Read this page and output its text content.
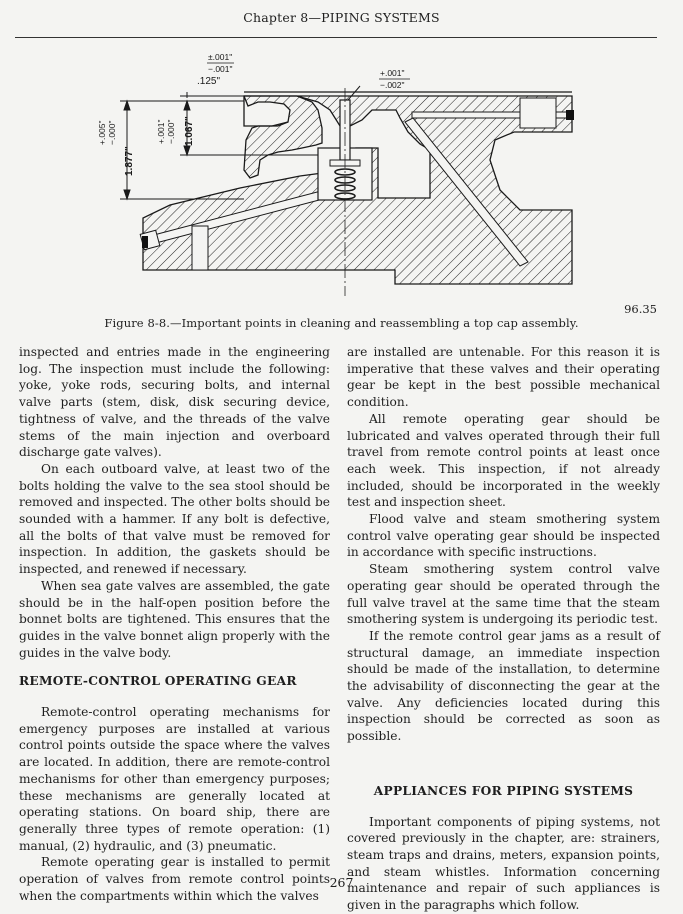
Chapter 8—PIPING SYSTEMS
±.001"
−.001"
.125"
+.001"
−.002"
1.877"
+.005" −.000"	1.067"
+.001" −.000"
96.35
Figure 8-8.—Important points in cleaning and reassembling a top cap assembly.

inspected and entries made in the engineering log. The inspection must include the following: yoke, yoke rods, securing bolts, and internal valve parts (stem, disk, disk securing device, tightness of valve, and the threads of the valve stems of the main injection and overboard discharge gate valves).

On each outboard valve, at least two of the bolts holding the valve to the sea stool should be removed and inspected. The other bolts should be sounded with a hammer. If any bolt is defective, all the bolts of that valve must be removed for inspection. In addition, the gaskets should be inspected, and renewed if necessary.

When sea gate valves are assembled, the gate should be in the half-open position before the bonnet bolts are tightened. This ensures that the guides in the valve bonnet align properly with the guides in the valve body.

REMOTE-CONTROL OPERATING GEAR

Remote-control operating mechanisms for emergency purposes are installed at various control points outside the space where the valves are located. In addition, there are remote-control mechanisms for other than emergency purposes; these mechanisms are generally located at operating stations. On board ship, there are generally three types of remote operation: (1) manual, (2) hydraulic, and (3) pneumatic.

Remote operating gear is installed to permit operation of valves from remote control points when the compartments within which the valves

are installed are untenable. For this reason it is imperative that these valves and their operating gear be kept in the best possible mechanical condition.

All remote operating gear should be lubricated and valves operated through their full travel from remote control points at least once each week. This inspection, if not already included, should be incorporated in the weekly test and inspection sheet.

Flood valve and steam smothering system control valve operating gear should be inspected in accordance with specific instructions.

Steam smothering system control valve operating gear should be operated through the full valve travel at the same time that the steam smothering system is undergoing its periodic test.

If the remote control gear jams as a result of structural damage, an immediate inspection should be made of the installation, to determine the advisability of disconnecting the gear at the valve. Any deficiencies located during this inspection should be corrected as soon as possible.

APPLIANCES FOR PIPING SYSTEMS

Important components of piping systems, not covered previously in the chapter, are: strainers, steam traps and drains, meters, expansion points, and steam whistles. Information concerning maintenance and repair of such appliances is given in the paragraphs which follow.

267
